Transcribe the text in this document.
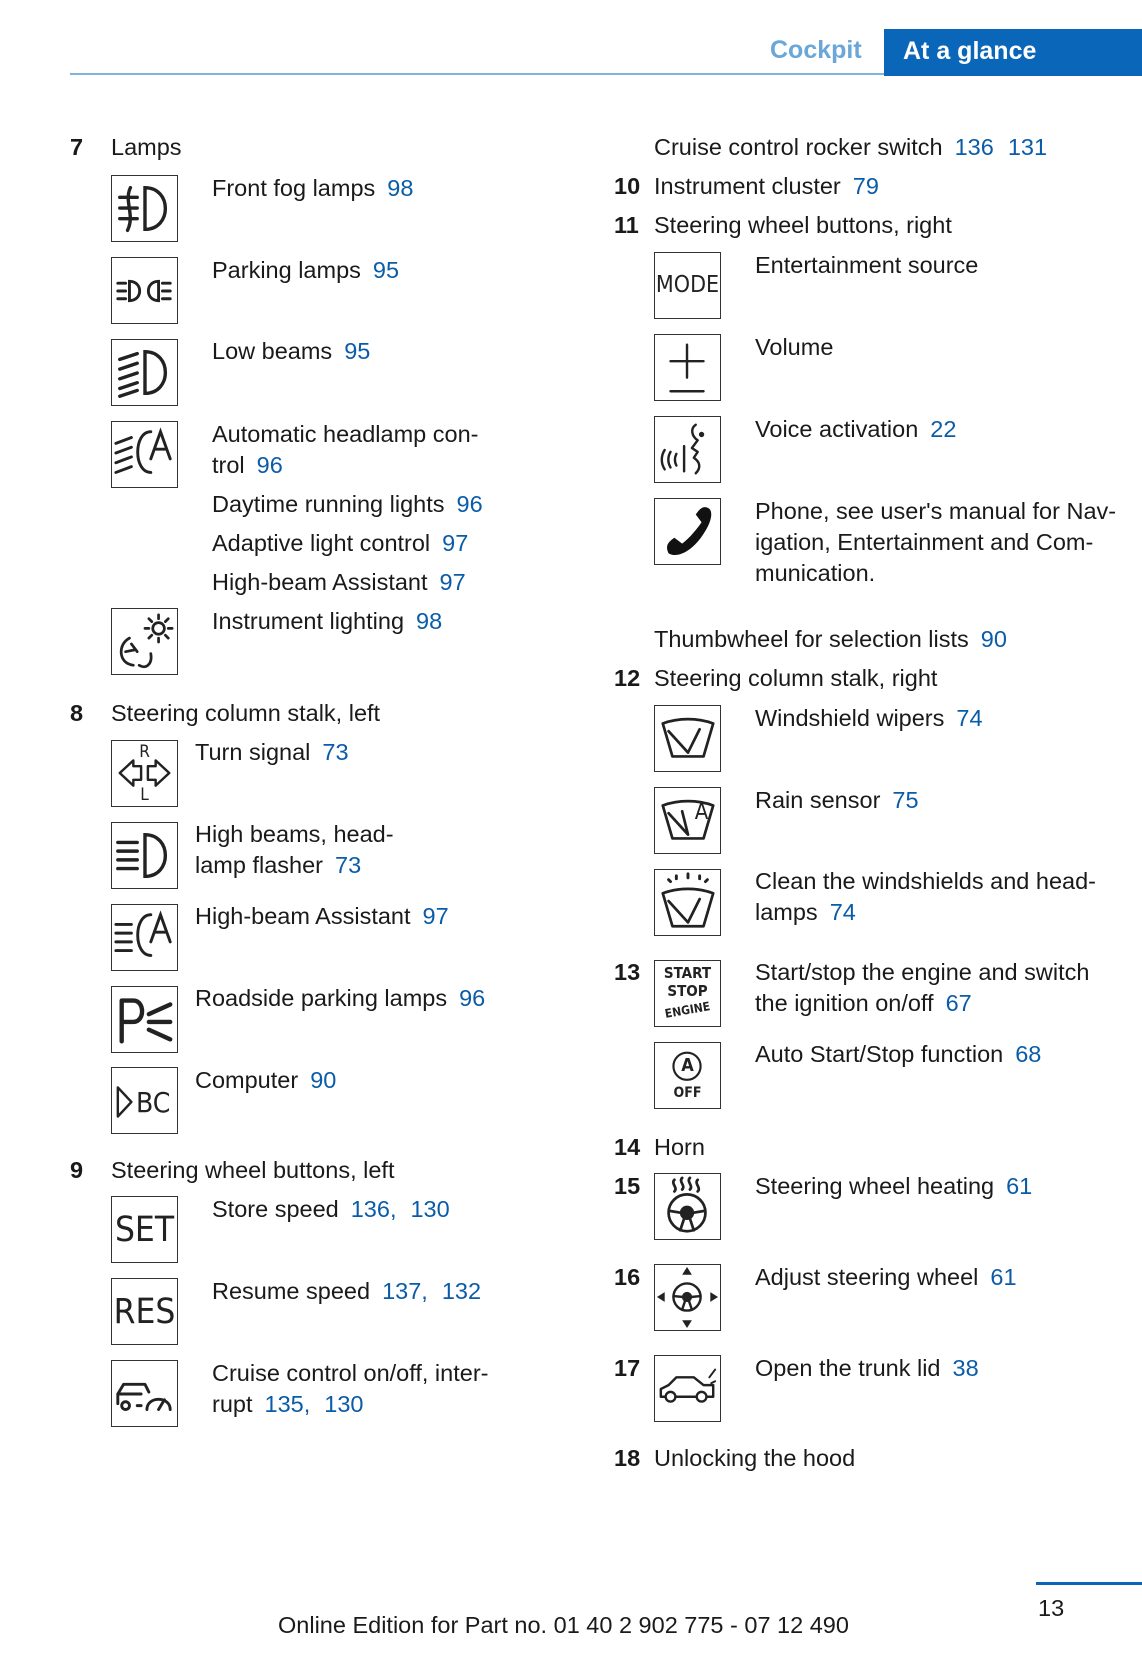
Cockpit At a glance
7 Lamps
Front fog lamps 98
Parking lamps 95
Low beams 95
Automatic headlamp con-
trol 96
Daytime running lights 96
Adaptive light control 97
High-beam Assistant 97
Instrument lighting 98
8 Steering column stalk, left
R
L
Turn signal 73
High beams, head-
lamp flasher 73
High-beam Assistant 97
Roadside parking lamps 96
BC
Computer 90
9 Steering wheel buttons, left
SET
Store speed 136, 130
RES
Resume speed 137, 132
Cruise control on/off, inter-
rupt 135, 130
Cruise control rocker switch 136 131
10 Instrument cluster 79
11 Steering wheel buttons, right
MODE
Entertainment source
Volume
Voice activation 22
Phone, see user's manual for Nav-
igation, Entertainment and Com-
munication.
Thumbwheel for selection lists 90
12 Steering column stalk, right
Windshield wipers 74
A	Rain sensor 75
Clean the windshields and head-
lamps 74
13	START
STOP
ENGINE
Start/stop the engine and switch
the ignition on/off 67
A
OFF
Auto Start/Stop function 68
14 Horn
15	Steering wheel heating 61
16	Adjust steering wheel 61
17	Open the trunk lid 38
18 Unlocking the hood
13
Online Edition for Part no. 01 40 2 902 775 - 07 12 490
